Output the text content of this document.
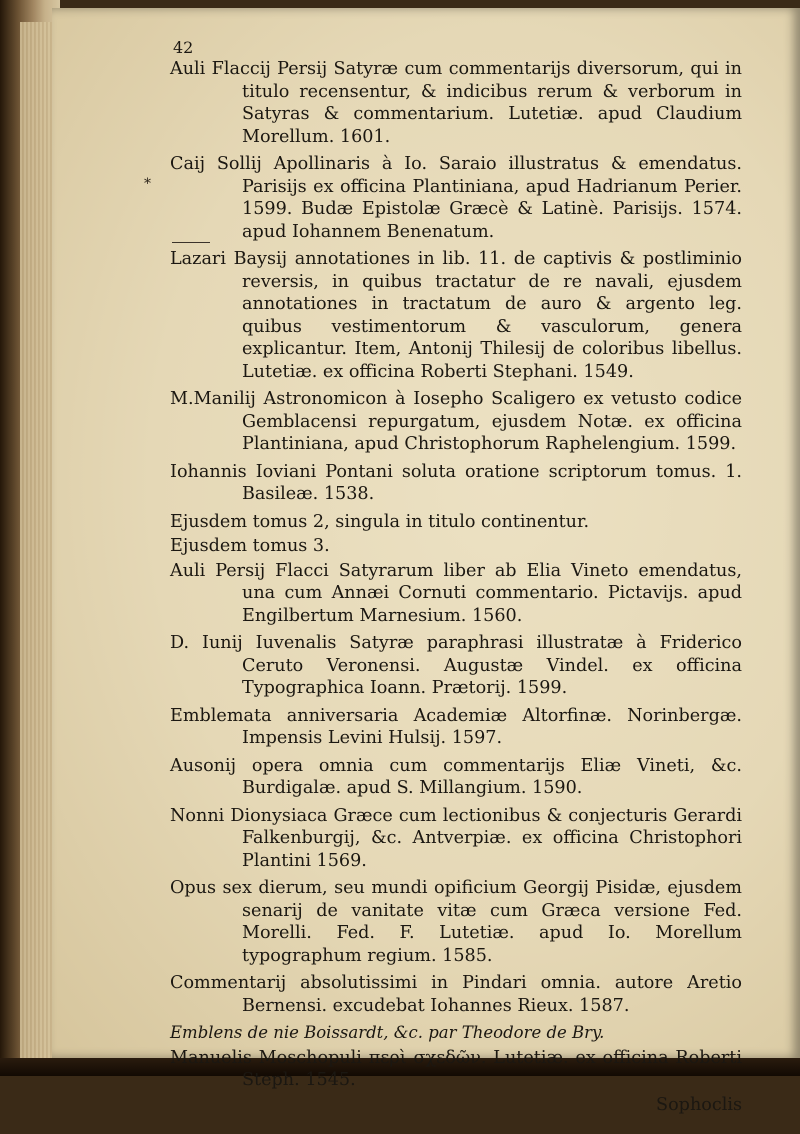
42
*

Auli Flaccij Persij Satyræ cum commentarijs diversorum, qui in titulo recensentur, & indicibus rerum & verborum in Satyras & commentarium. Lutetiæ. apud Claudium Morellum. 1601.

Caij Sollij Apollinaris à Io. Saraio illustratus & emendatus. Parisijs ex officina Plantiniana, apud Hadrianum Perier. 1599. Budæ Epistolæ Græcè & Latinè. Parisijs. 1574. apud Iohannem Benenatum.

Lazari Baysij annotationes in lib. 11. de captivis & postliminio reversis, in quibus tractatur de re navali, ejusdem annotationes in tractatum de auro & argento leg. quibus vestimentorum & vasculorum, genera explicantur. Item, Antonij Thilesij de coloribus libellus. Lutetiæ. ex officina Roberti Stephani. 1549.

M.Manilij Astronomicon à Iosepho Scaligero ex vetusto codice Gemblacensi repurgatum, ejusdem Notæ. ex officina Plantiniana, apud Christophorum Raphelengium. 1599.

Iohannis Ioviani Pontani soluta oratione scriptorum tomus. 1. Basileæ. 1538.

Ejusdem tomus 2, singula in titulo continentur.

Ejusdem tomus 3.

Auli Persij Flacci Satyrarum liber ab Elia Vineto emendatus, una cum Annæi Cornuti commentario. Pictavijs. apud Engilbertum Marnesium. 1560.

D. Iunij Iuvenalis Satyræ paraphrasi illustratæ à Friderico Ceruto Veronensi. Augustæ Vindel. ex officina Typographica Ioann. Prætorij. 1599.

Emblemata anniversaria Academiæ Altorfinæ. Norinbergæ. Impensis Levini Hulsij. 1597.

Ausonij opera omnia cum commentarijs Eliæ Vineti, &c. Burdigalæ. apud S. Millangium. 1590.

Nonni Dionysiaca Græce cum lectionibus & conjecturis Gerardi Falkenburgij, &c. Antverpiæ. ex officina Christophori Plantini 1569.

Opus sex dierum, seu mundi opificium Georgij Pisidæ, ejusdem senarij de vanitate vitæ cum Græca versione Fed. Morelli. Fed. F. Lutetiæ. apud Io. Morellum typographum regium. 1585.

Commentarij absolutissimi in Pindari omnia. autore Aretio Bernensi. excudebat Iohannes Rieux. 1587.

Emblens de nie Boissardt, &c. par Theodore de Bry.

Manuelis Moschopuli περὶ σχεδῶν. Lutetiæ. ex officina Roberti Steph. 1545.

Sophoclis
